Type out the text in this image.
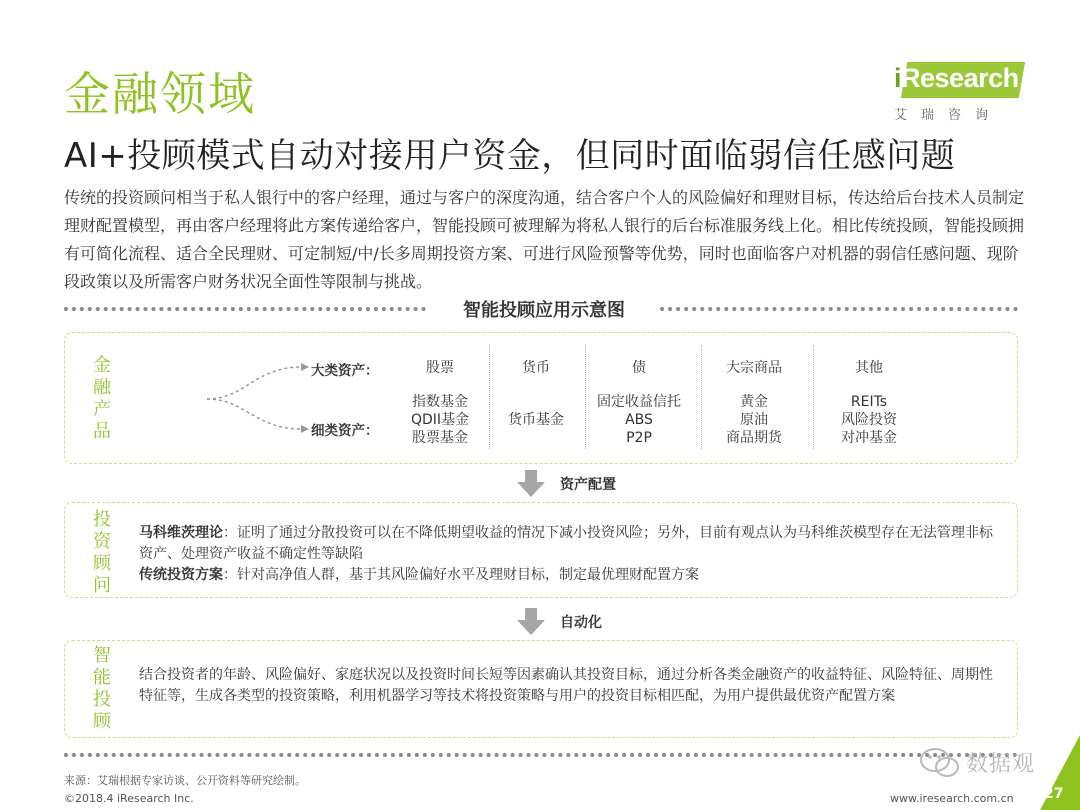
金融领域	iResearch
艾瑞咨询
AI+投顾模式自动对接用户资金，但同时面临弱信任感问题
传统的投资顾问相当于私人银行中的客户经理，通过与客户的深度沟通，结合客户个人的风险偏好和理财目标，传达给后台技术人员制定理财配置模型，再由客户经理将此方案传递给客户，智能投顾可被理解为将私人银行的后台标准服务线上化。相比传统投顾，智能投顾拥有可简化流程、适合全民理财、可定制短/中/长多周期投资方案、可进行风险预警等优势，同时也面临客户对机器的弱信任感问题、现阶段政策以及所需客户财务状况全面性等限制与挑战。
智能投顾应用示意图
金
融
产
品
大类资产：
细类资产：
股票
指数基金
QDII基金
股票基金
货币
货币基金
债
固定收益信托
ABS
P2P
大宗商品
黄金
原油
商品期货
其他
REITs
风险投资
对冲基金
资产配置
投
资
顾
问
马科维茨理论：证明了通过分散投资可以在不降低期望收益的情况下减小投资风险；另外，目前有观点认为马科维茨模型存在无法管理非标资产、处理资产收益不确定性等缺陷
传统投资方案：针对高净值人群，基于其风险偏好水平及理财目标，制定最优理财配置方案
自动化
智
能
投
顾
结合投资者的年龄、风险偏好、家庭状况以及投资时间长短等因素确认其投资目标，通过分析各类金融资产的收益特征、风险特征、周期性特征等，生成各类型的投资策略，利用机器学习等技术将投资策略与用户的投资目标相匹配，为用户提供最优资产配置方案
来源：艾瑞根据专家访谈、公开资料等研究绘制。
©2018.4 iResearch Inc.	www.iresearch.com.cn
数据观
27
